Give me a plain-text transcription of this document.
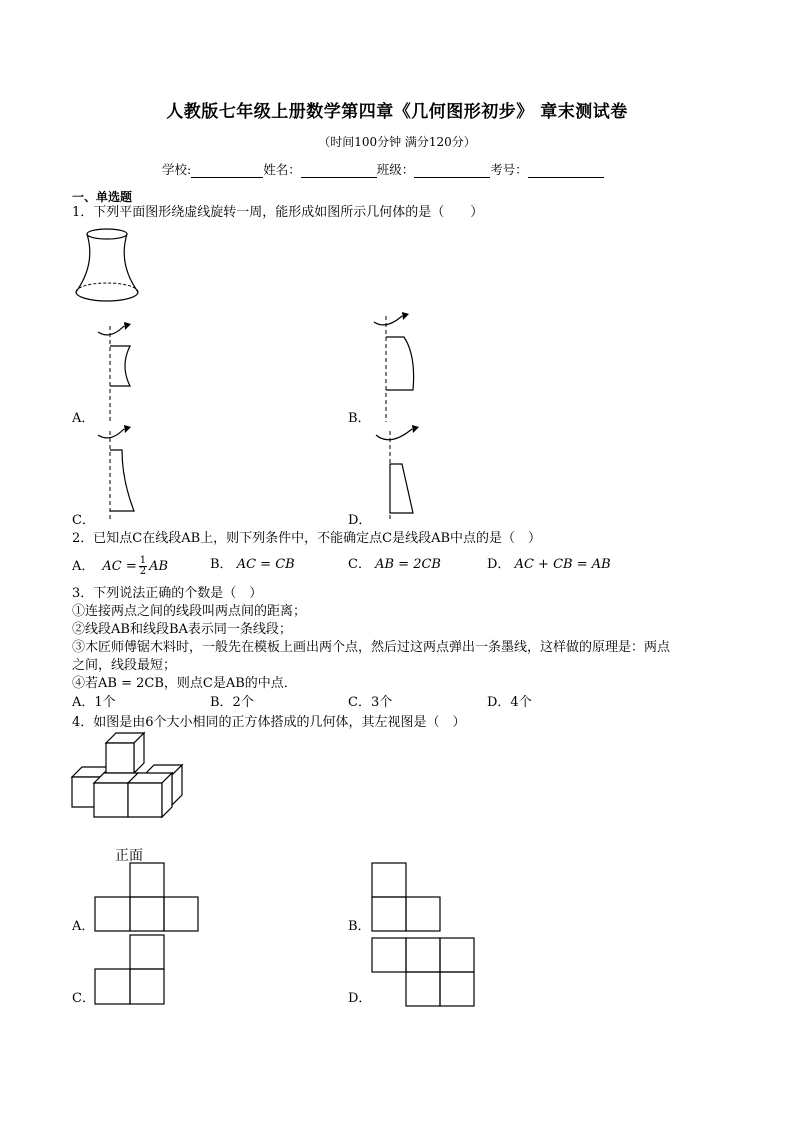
人教版七年级上册数学第四章《几何图形初步》 章末测试卷
（时间100分钟 满分120分）
学校:	姓名：	班级：	考号：
一、单选题
1．下列平面图形绕虚线旋转一周，能形成如图所示几何体的是（　　）
A．	B．
C．	D．
2．已知点C在线段AB上，则下列条件中，不能确定点C是线段AB中点的是（　）
A． AC = $\frac{1}{2}$ AB	B． AC = CB	C． AB = 2CB	D． AC + CB = AB
3．下列说法正确的个数是（　）
①连接两点之间的线段叫两点间的距离；
②线段AB和线段BA表示同一条线段；
③木匠师傅锯木料时，一般先在模板上画出两个点，然后过这两点弹出一条墨线，这样做的原理是：两点
之间，线段最短；
④若AB = 2CB，则点C是AB的中点．
A．1个	B．2个	C．3个	D．4个
4．如图是由6个大小相同的正方体搭成的几何体，其左视图是（　）
正面
A．	B．
C．	D．
